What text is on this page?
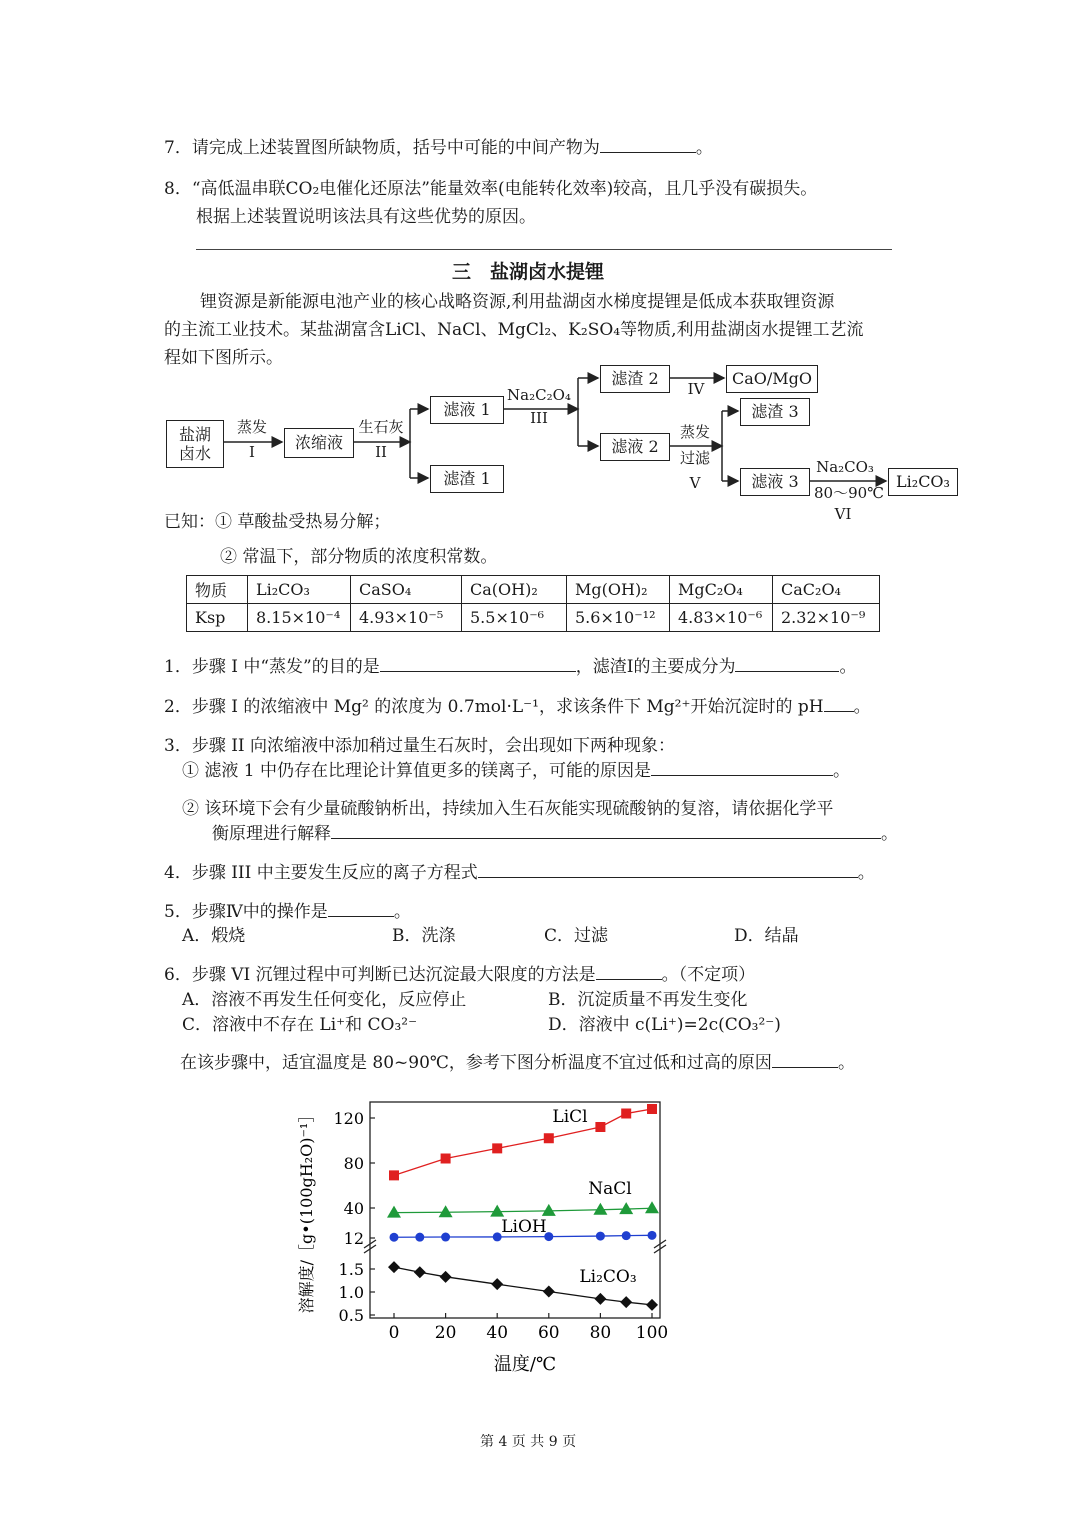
7．请完成上述装置图所缺物质，括号中可能的中间产物为	。
8．“高低温串联CO₂电催化还原法”能量效率(电能转化效率)较高，且几乎没有碳损失。
根据上述装置说明该法具有这些优势的原因。
三　盐湖卤水提锂
锂资源是新能源电池产业的核心战略资源,利用盐湖卤水梯度提锂是低成本获取锂资源
的主流工业技术。某盐湖富含LiCl、NaCl、MgCl₂、K₂SO₄等物质,利用盐湖卤水提锂工艺流
程如下图所示。
盐湖
卤水
蒸发
I	浓缩液
生石灰
II
滤液 1
滤渣 1
Na₂C₂O₄
III
滤渣 2
IV
CaO/MgO
滤液 2
蒸发
过滤
V
滤渣 3
滤液 3
Na₂CO₃
80～90℃
VI
Li₂CO₃
已知：① 草酸盐受热易分解；
② 常温下，部分物质的浓度积常数。
物质	Li₂CO₃	CaSO₄	Ca(OH)₂	Mg(OH)₂	MgC₂O₄	CaC₂O₄
Ksp	8.15×10⁻⁴	4.93×10⁻⁵	5.5×10⁻⁶	5.6×10⁻¹²	4.83×10⁻⁶	2.32×10⁻⁹
1．步骤 I 中“蒸发”的目的是	，滤渣I的主要成分为	。
2．步骤 I 的浓缩液中 Mg² 的浓度为 0.7mol·L⁻¹，求该条件下 Mg²⁺开始沉淀时的 pH 。
3．步骤 II 向浓缩液中添加稍过量生石灰时，会出现如下两种现象：
① 滤液 1 中仍存在比理论计算值更多的镁离子，可能的原因是	。
② 该环境下会有少量硫酸钠析出，持续加入生石灰能实现硫酸钠的复溶，请依据化学平
衡原理进行解释	。
4．步骤 III 中主要发生反应的离子方程式	。
5．步骤Ⅳ中的操作是	。
A．煅烧	B．洗涤	C．过滤	D．结晶
6．步骤 VI 沉锂过程中可判断已达沉淀最大限度的方法是	。（不定项）
A．溶液不再发生任何变化，反应停止	B．沉淀质量不再发生变化
C．溶液中不存在 Li⁺和 CO₃²⁻	D．溶液中 c(Li⁺)=2c(CO₃²⁻)
在该步骤中，适宜温度是 80~90℃，参考下图分析温度不宜过低和过高的原因	。
0 20 40 60 80 100
12
40
80
120
0.5
1.0
1.5
温度/℃
溶解度/［g•(100gH₂O)⁻¹］	LiCl
NaCl
LiOH
Li₂CO₃
第 4 页 共 9 页
